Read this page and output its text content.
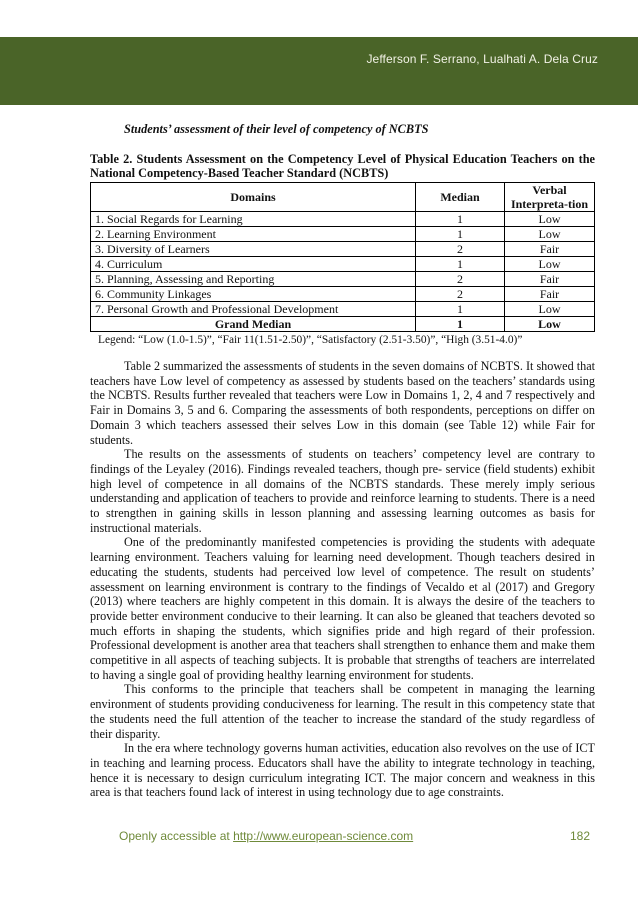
Jefferson F. Serrano, Lualhati A. Dela Cruz
Students’ assessment of their level of competency of NCBTS
Table 2. Students Assessment on the Competency Level of Physical Education Teachers on the National Competency-Based Teacher Standard (NCBTS)
Domains	Median	Verbal Interpreta-tion
1. Social Regards for Learning	1	Low
2. Learning Environment	1	Low
3. Diversity of Learners	2	Fair
4. Curriculum	1	Low
5. Planning, Assessing and Reporting	2	Fair
6. Community Linkages	2	Fair
7. Personal Growth and Professional Development	1	Low
Grand Median	1	Low
Legend: “Low (1.0-1.5)”, “Fair 11(1.51-2.50)”, “Satisfactory (2.51-3.50)”, “High (3.51-4.0)”

Table 2 summarized the assessments of students in the seven domains of NCBTS. It showed that teachers have Low level of competency as assessed by students based on the teachers’ standards using the NCBTS. Results further revealed that teachers were Low in Domains 1, 2, 4 and 7 respectively and Fair in Domains 3, 5 and 6. Comparing the assessments of both respondents, perceptions on differ on Domain 3 which teachers assessed their selves Low in this domain (see Table 12) while Fair for students.

The results on the assessments of students on teachers’ competency level are contrary to findings of the Leyaley (2016). Findings revealed teachers, though pre- service (field students) exhibit high level of competence in all domains of the NCBTS standards. These merely imply serious understanding and application of teachers to provide and reinforce learning to students. There is a need to strengthen in gaining skills in lesson planning and assessing learning outcomes as basis for instructional materials.

One of the predominantly manifested competencies is providing the students with adequate learning environment. Teachers valuing for learning need development. Though teachers desired in educating the students, students had perceived low level of competence. The result on students’ assessment on learning environment is contrary to the findings of Vecaldo et al (2017) and Gregory (2013) where teachers are highly competent in this domain. It is always the desire of the teachers to provide better environment conducive to their learning. It can also be gleaned that teachers devoted so much efforts in shaping the students, which signifies pride and high regard of their profession. Professional development is another area that teachers shall strengthen to enhance them and make them competitive in all aspects of teaching subjects. It is probable that strengths of teachers are interrelated to having a single goal of providing healthy learning environment for students.

This conforms to the principle that teachers shall be competent in managing the learning environment of students providing conduciveness for learning. The result in this competency state that the students need the full attention of the teacher to increase the standard of the study regardless of their disparity.

In the era where technology governs human activities, education also revolves on the use of ICT in teaching and learning process. Educators shall have the ability to integrate technology in teaching, hence it is necessary to design curriculum integrating ICT. The major concern and weakness in this area is that teachers found lack of interest in using technology due to age constraints.

Openly accessible at http://www.european-science.com	182
